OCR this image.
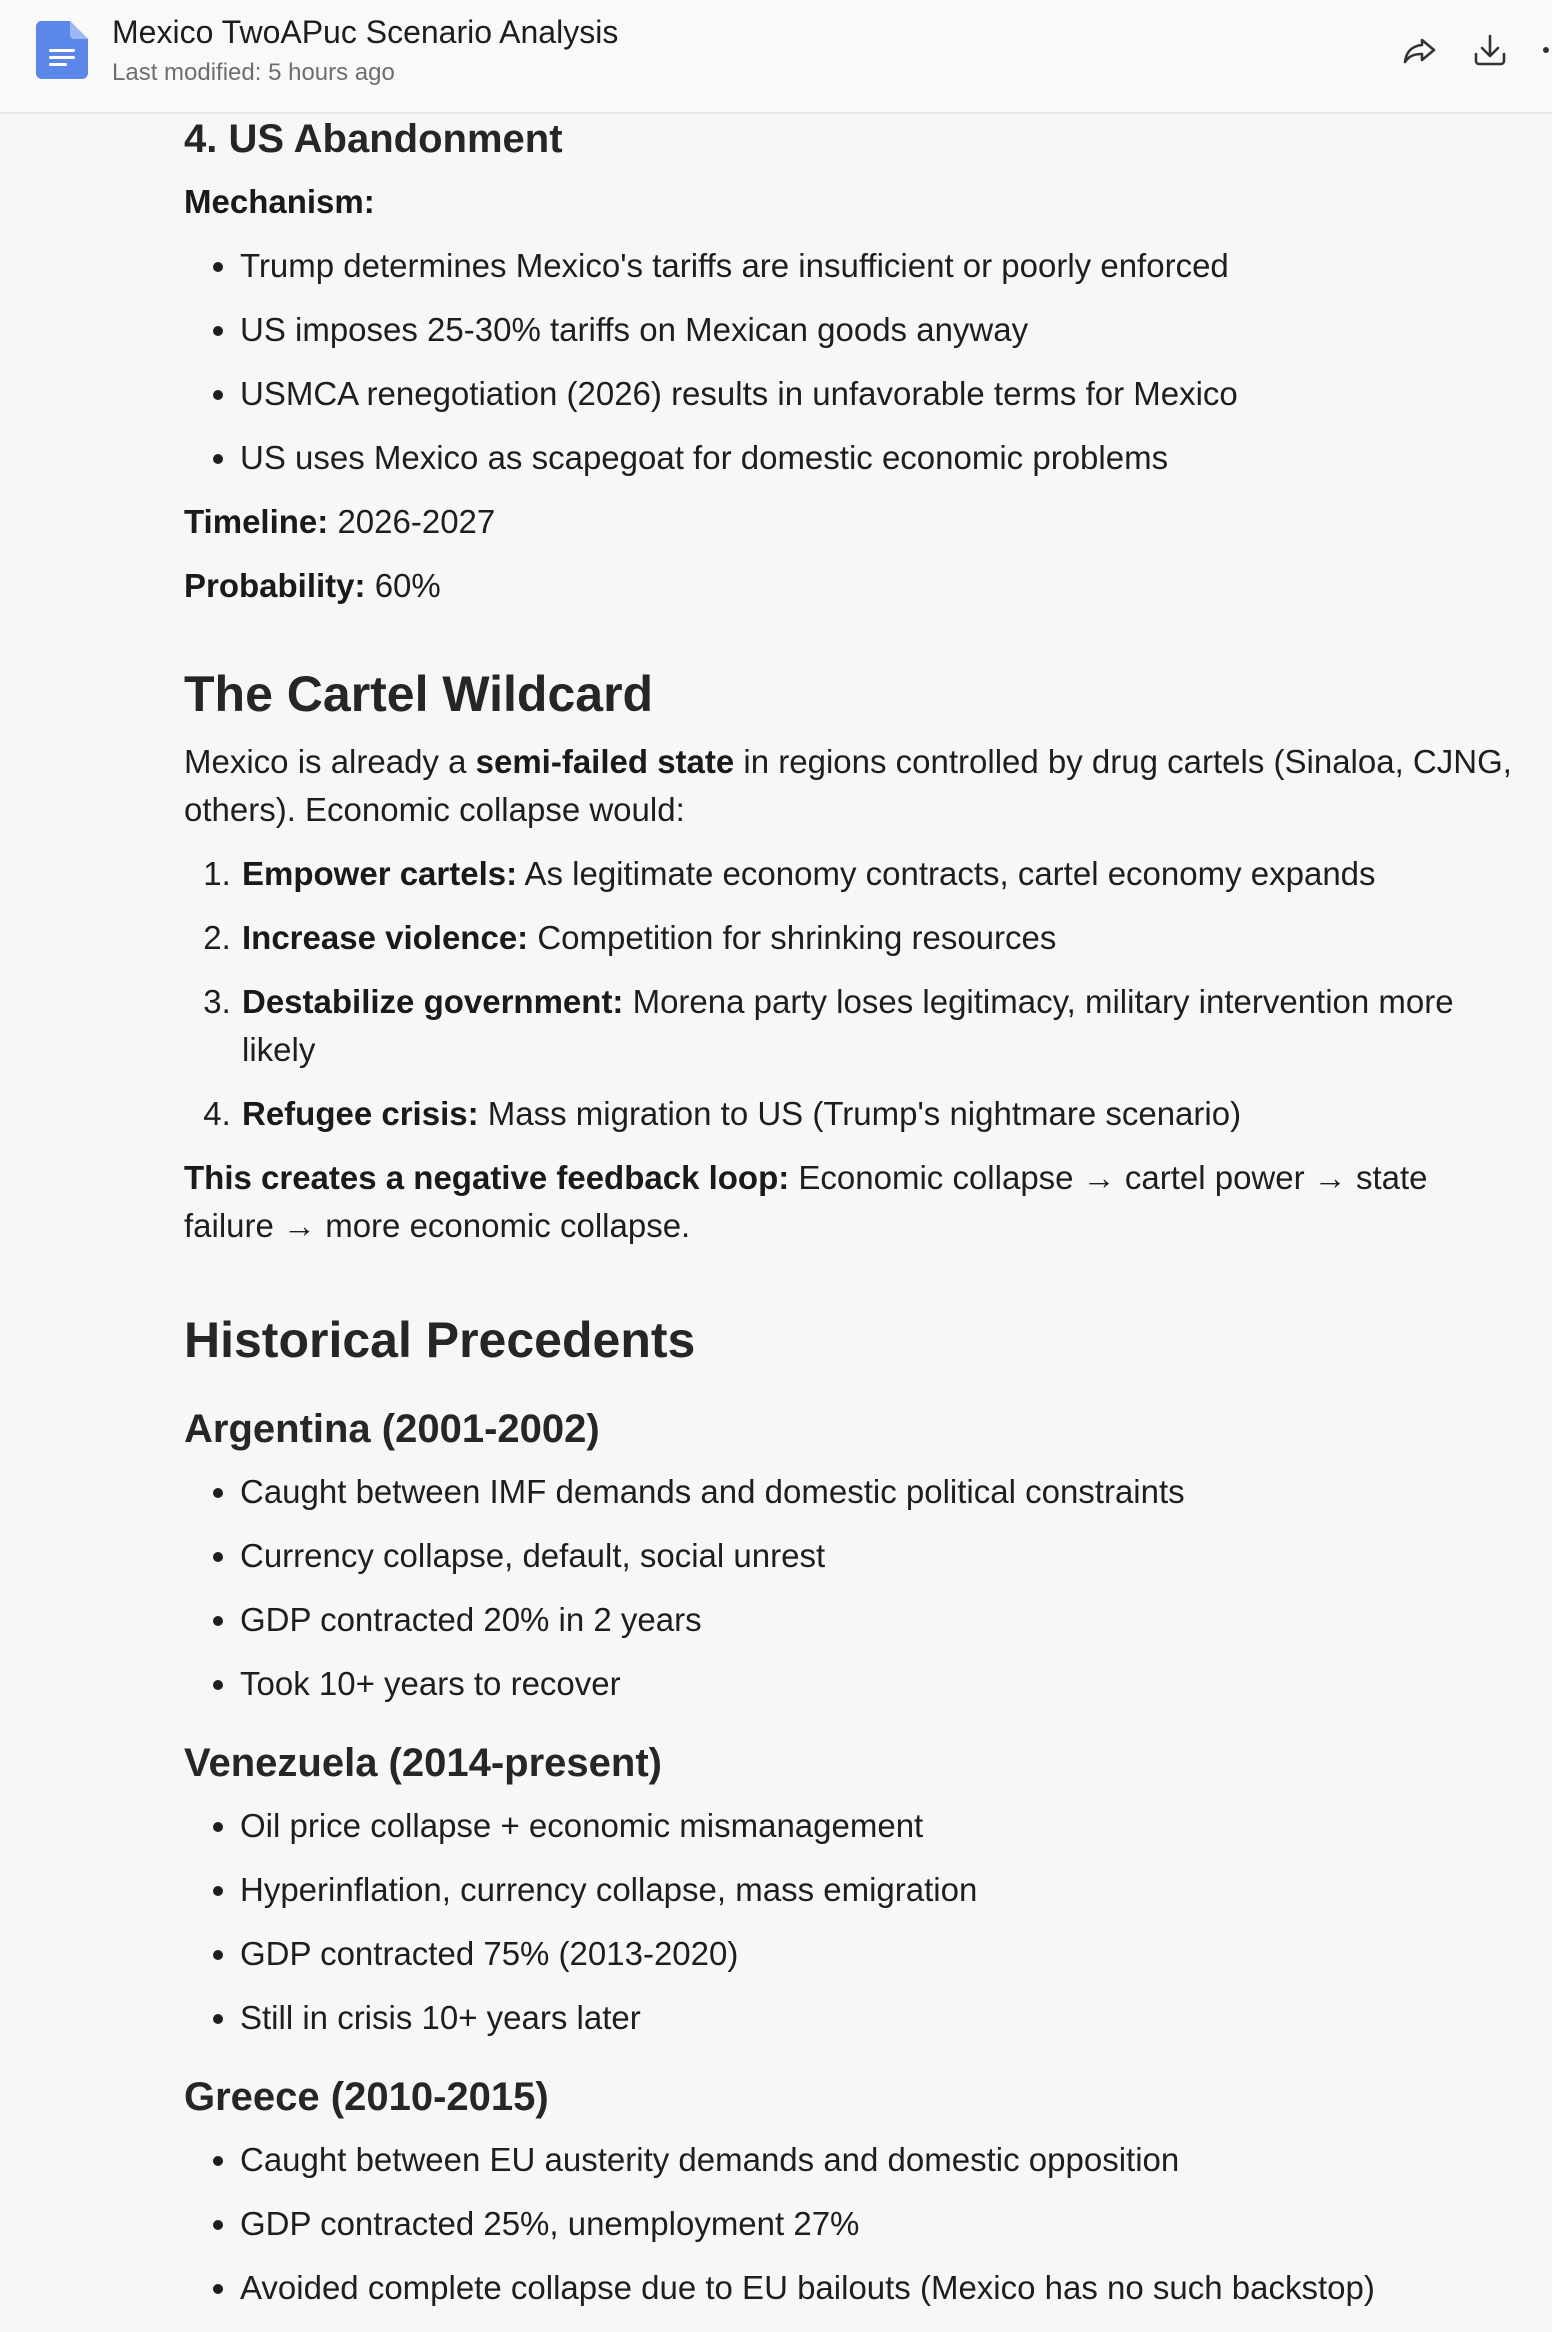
Mexico TwoAPuc Scenario Analysis
Last modified: 5 hours ago
4. US Abandonment

Mechanism:

• Trump determines Mexico's tariffs are insufficient or poorly enforced
• US imposes 25-30% tariffs on Mexican goods anyway
• USMCA renegotiation (2026) results in unfavorable terms for Mexico
• US uses Mexico as scapegoat for domestic economic problems

Timeline: 2026-2027

Probability: 60%

The Cartel Wildcard

Mexico is already a semi-failed state in regions controlled by drug cartels (Sinaloa, CJNG, others). Economic collapse would:

1. Empower cartels: As legitimate economy contracts, cartel economy expands
2. Increase violence: Competition for shrinking resources
3. Destabilize government: Morena party loses legitimacy, military intervention more likely
4. Refugee crisis: Mass migration to US (Trump's nightmare scenario)

This creates a negative feedback loop: Economic collapse → cartel power → state failure → more economic collapse.

Historical Precedents
Argentina (2001-2002)
• Caught between IMF demands and domestic political constraints
• Currency collapse, default, social unrest
• GDP contracted 20% in 2 years
• Took 10+ years to recover
Venezuela (2014-present)
• Oil price collapse + economic mismanagement
• Hyperinflation, currency collapse, mass emigration
• GDP contracted 75% (2013-2020)
• Still in crisis 10+ years later
Greece (2010-2015)
• Caught between EU austerity demands and domestic opposition
• GDP contracted 25%, unemployment 27%
• Avoided complete collapse due to EU bailouts (Mexico has no such backstop)
